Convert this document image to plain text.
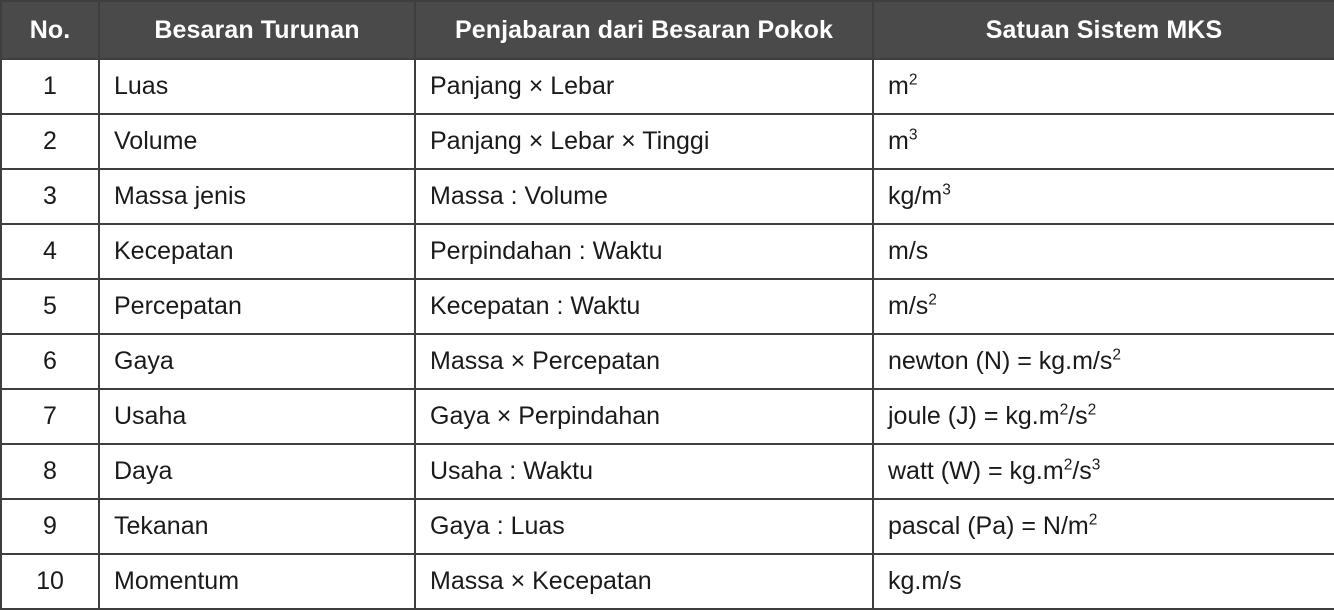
No.	Besaran Turunan	Penjabaran dari Besaran Pokok	Satuan Sistem MKS
1	Luas	Panjang × Lebar	$m^2$
2	Volume	Panjang × Lebar × Tinggi	$m^3$
3	Massa jenis	Massa : Volume	$kg/m^3$
4	Kecepatan	Perpindahan : Waktu	m/s
5	Percepatan	Kecepatan : Waktu	$m/s^2$
6	Gaya	Massa × Percepatan	newton $(N) = kg.m/s^2$
7	Usaha	Gaya × Perpindahan	joule $(J) = kg.m^2/s^2$
8	Daya	Usaha : Waktu	watt $(W) = kg.m^2/s^3$
9	Tekanan	Gaya : Luas	pascal $(Pa) = N/m^2$
10	Momentum	Massa × Kecepatan	kg.m/s
